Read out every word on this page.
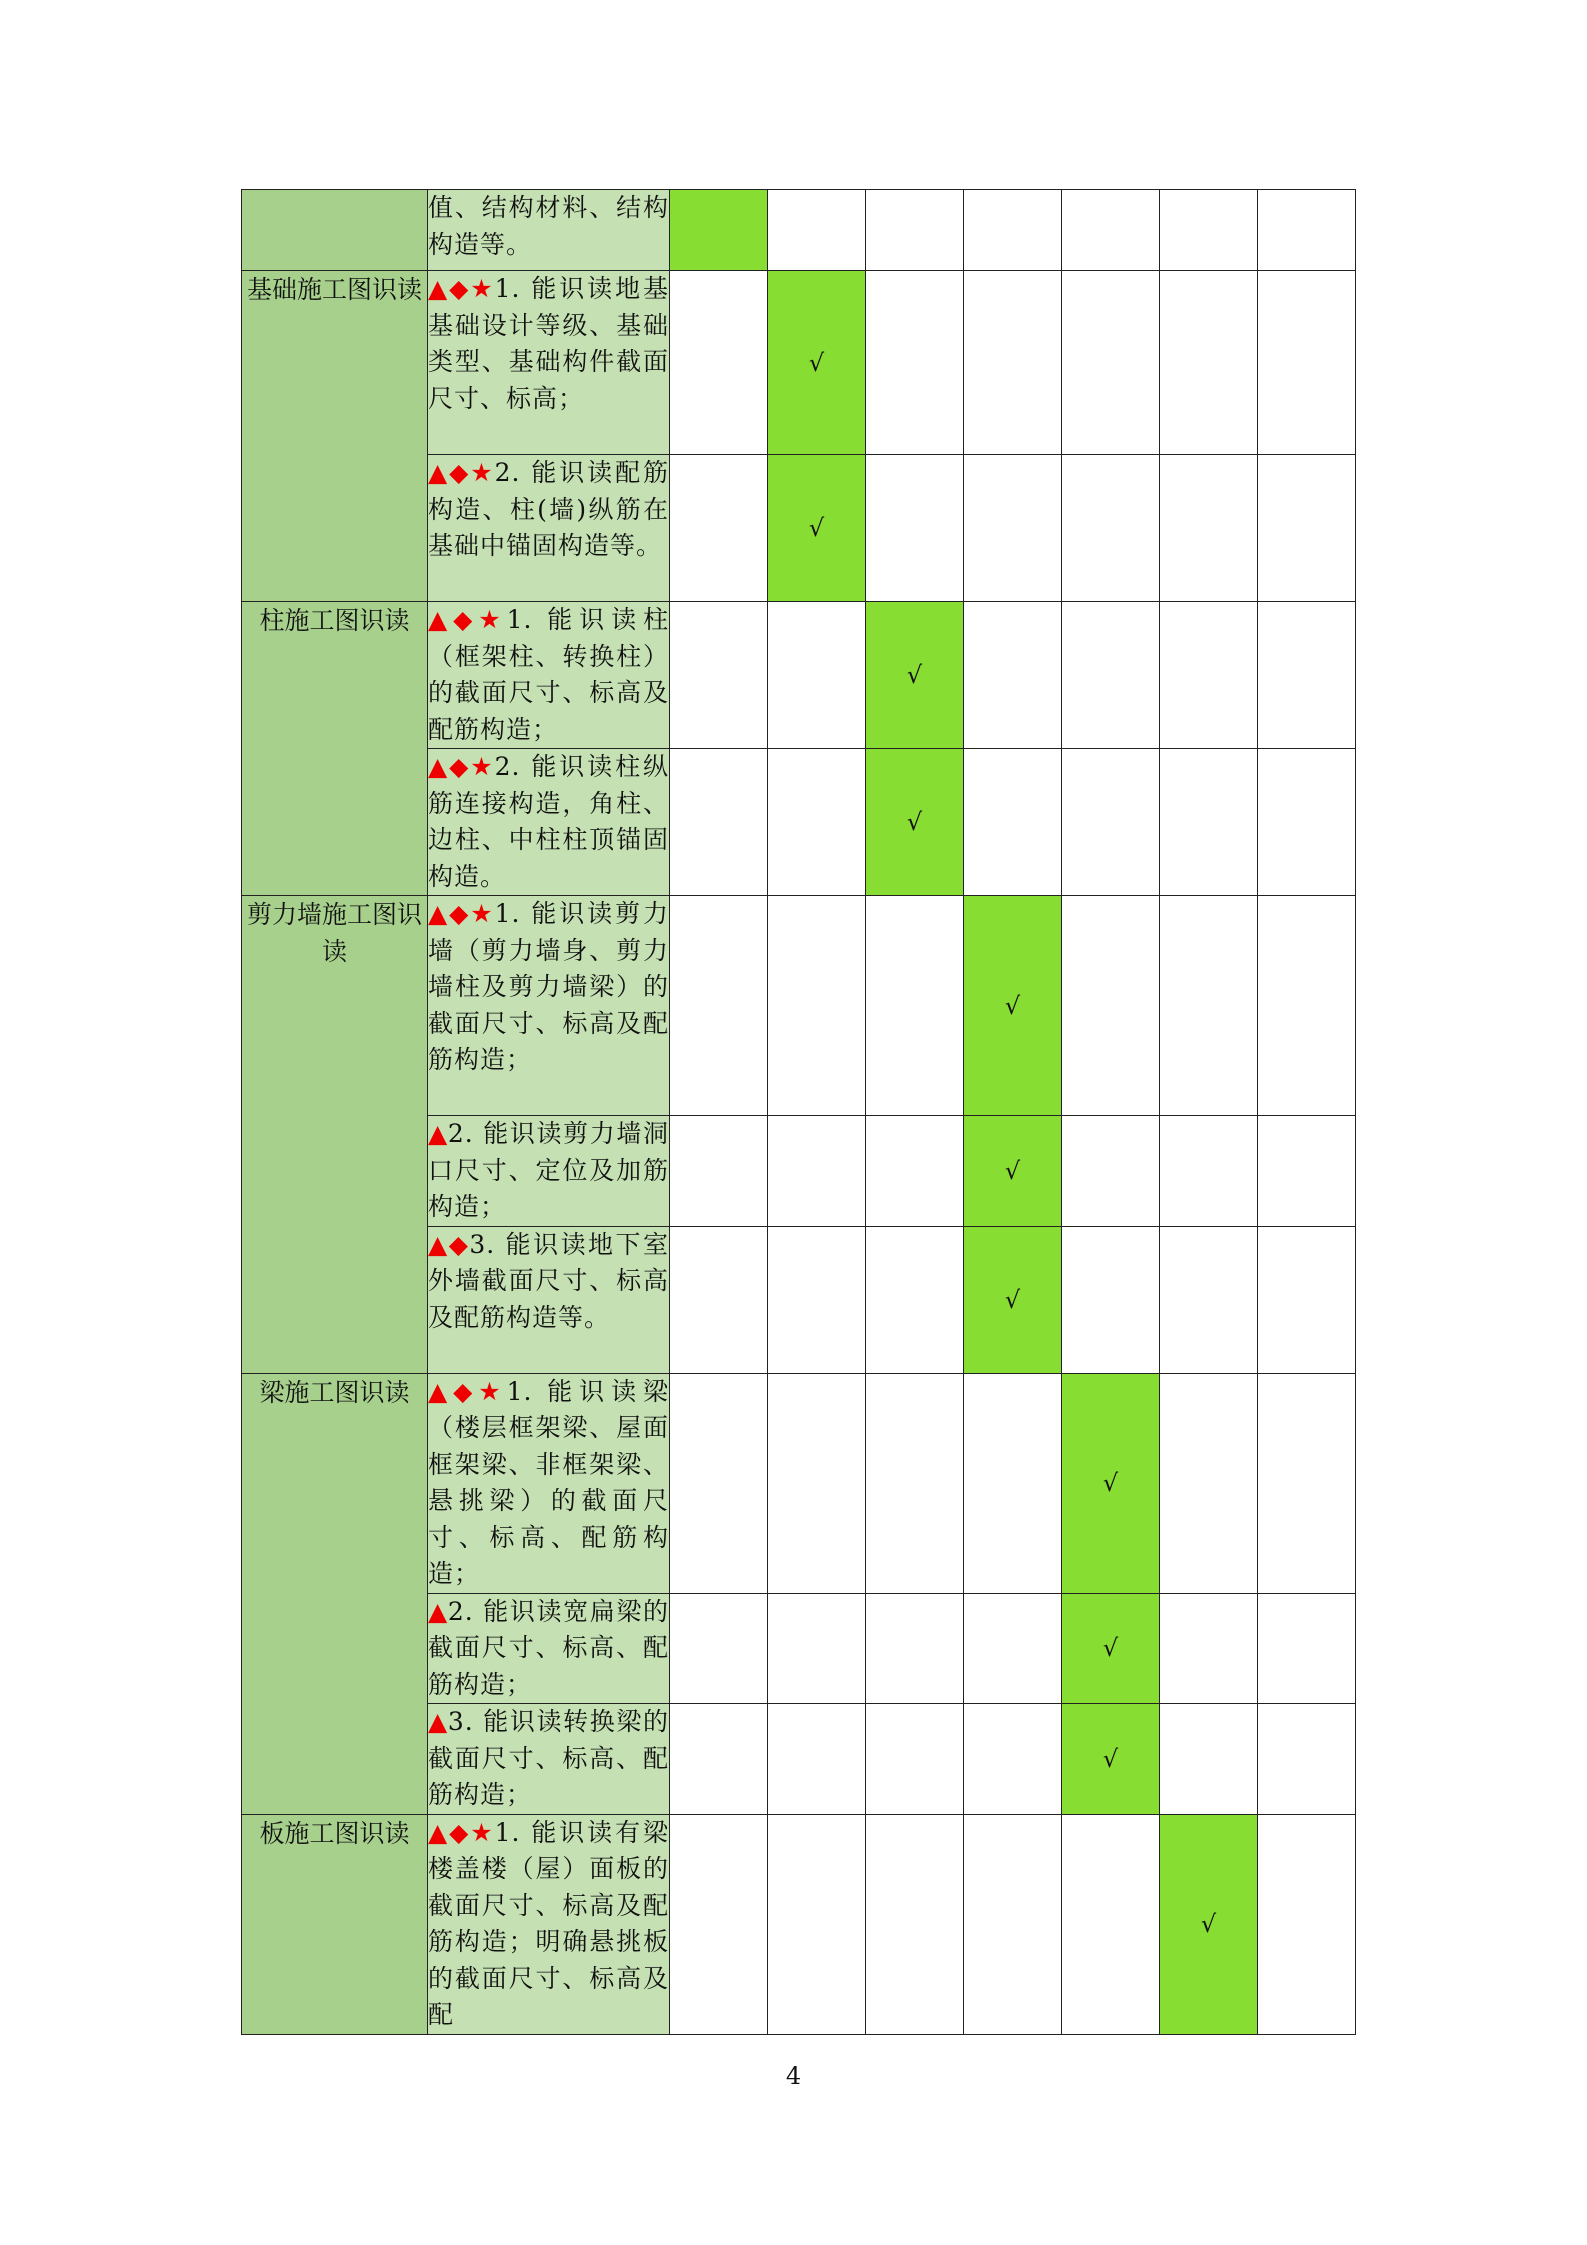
	值、结构材料、结构构造等。							
基础施工图识读	▲◆★1. 能识读地基基础设计等级、基础类型、基础构件截面尺寸、标高；		√					
	▲◆★2. 能识读配筋构造、柱(墙)纵筋在基础中锚固构造等。		√					
柱施工图识读	▲◆★1. 能识读柱（框架柱、转换柱）的截面尺寸、标高及配筋构造；			√				
	▲◆★2. 能识读柱纵筋连接构造，角柱、边柱、中柱柱顶锚固构造。			√				
剪力墙施工图识读	▲◆★1. 能识读剪力墙（剪力墙身、剪力墙柱及剪力墙梁）的截面尺寸、标高及配筋构造；				√			
	▲2. 能识读剪力墙洞口尺寸、定位及加筋构造；				√			
	▲◆3. 能识读地下室外墙截面尺寸、标高及配筋构造等。				√			
梁施工图识读	▲◆★1. 能识读梁（楼层框架梁、屋面框架梁、非框架梁、悬挑梁）的截面尺寸、标高、配筋构造；					√		
	▲2. 能识读宽扁梁的截面尺寸、标高、配筋构造；					√		
	▲3. 能识读转换梁的截面尺寸、标高、配筋构造；					√		
板施工图识读	▲◆★1. 能识读有梁楼盖楼（屋）面板的截面尺寸、标高及配筋构造；明确悬挑板的截面尺寸、标高及配						√	
4
